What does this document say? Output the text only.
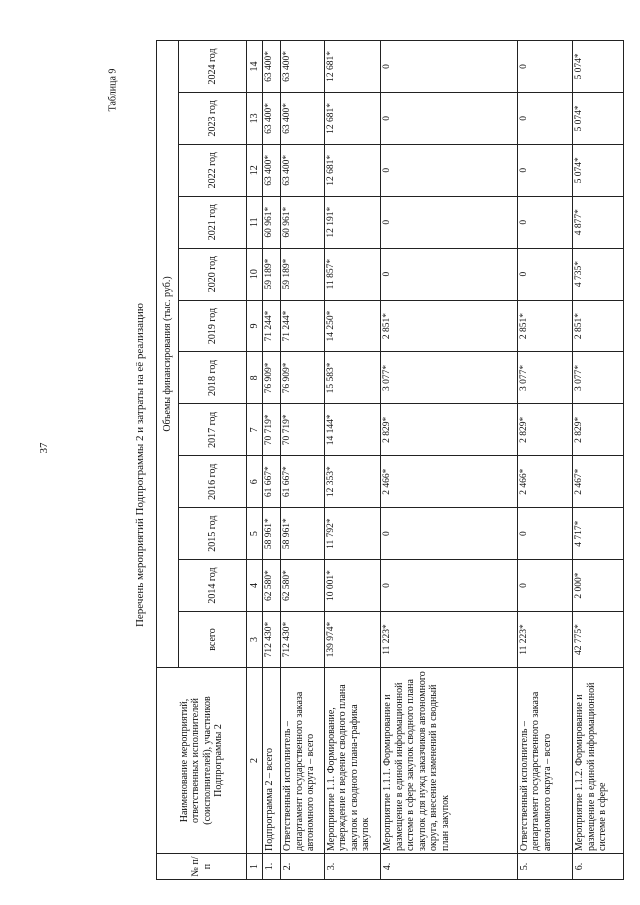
37	Перечень мероприятий Подпрограммы 2 и затраты на её реализацию
Таблица 9
№ п/п	Наименование мероприятий, ответственных исполнителей (соисполнителей), участников Подпрограммы 2	Объемы финансирования (тыс. руб.)											
		всего	2014 год	2015 год	2016 год	2017 год	2018 год	2019 год	2020 год	2021 год	2022 год	2023 год	2024 год
1	2	3	4	5	6	7	8	9	10	11	12	13	14
1.	Подпрограмма 2 – всего	712 430*	62 580*	58 961*	61 667*	70 719*	76 909*	71 244*	59 189*	60 961*	63 400*	63 400*	63 400*
2.	Ответственный исполнитель – департамент государственного заказа автономного округа – всего	712 430*	62 580*	58 961*	61 667*	70 719*	76 909*	71 244*	59 189*	60 961*	63 400*	63 400*	63 400*
3.	Мероприятие 1.1. Формирование, утверждение и ведение сводного плана закупок и сводного плана-графика закупок	139 974*	10 001*	11 792*	12 353*	14 144*	15 583*	14 250*	11 857*	12 191*	12 681*	12 681*	12 681*
4.	Мероприятие 1.1.1. Формирование и размещение в единой информационной системе в сфере закупок сводного плана закупок для нужд заказчиков автономного округа, внесение изменений в сводный план закупок	11 223*	0	0	2 466*	2 829*	3 077*	2 851*	0	0	0	0	0
5.	Ответственный исполнитель – департамент государственного заказа автономного округа – всего	11 223*	0	0	2 466*	2 829*	3 077*	2 851*	0	0	0	0	0
6.	Мероприятие 1.1.2. Формирование и размещение в единой информационной системе в сфере	42 775*	2 000*	4 717*	2 467*	2 829*	3 077*	2 851*	4 735*	4 877*	5 074*	5 074*	5 074*
